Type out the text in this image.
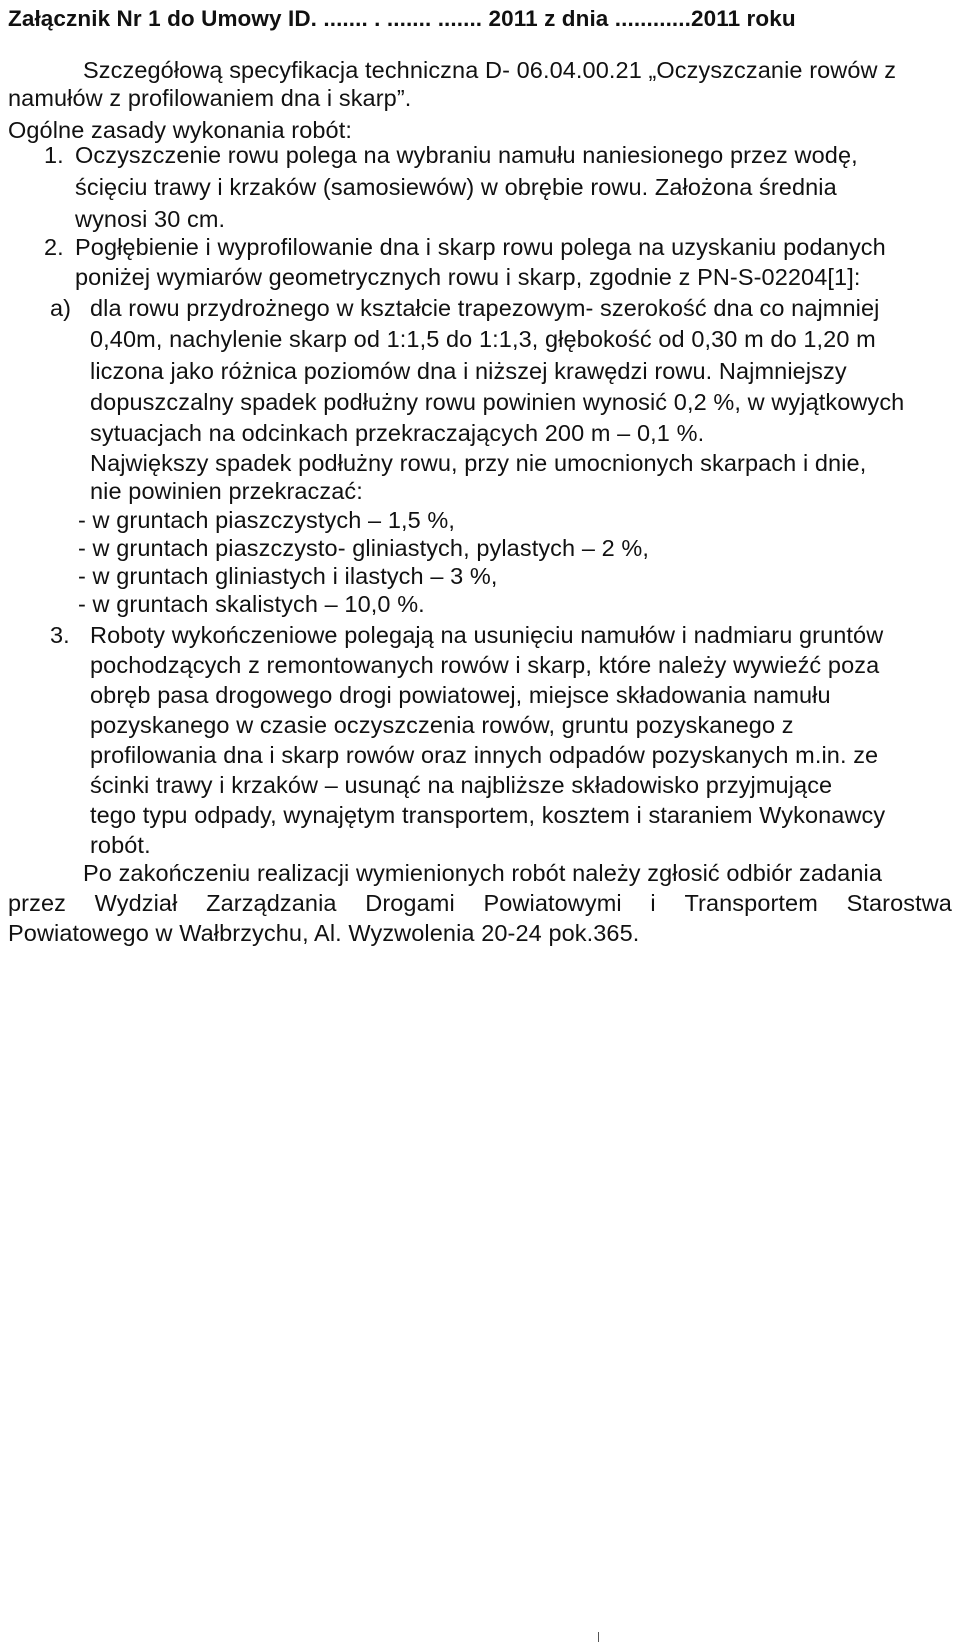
Załącznik Nr 1 do Umowy ID. ....... . ....... ....... 2011 z dnia ............2011 roku
Szczegółową specyfikacja techniczna D- 06.04.00.21 „Oczyszczanie rowów z
namułów z profilowaniem dna i skarp”.
Ogólne zasady wykonania robót:
1. Oczyszczenie rowu polega na wybraniu namułu naniesionego przez wodę,
ścięciu trawy i krzaków (samosiewów) w obrębie rowu. Założona średnia
wynosi 30 cm.
2. Pogłębienie i wyprofilowanie dna i skarp rowu polega na uzyskaniu podanych
poniżej wymiarów geometrycznych rowu i skarp, zgodnie z PN-S-02204[1]:
a) dla rowu przydrożnego w kształcie trapezowym- szerokość dna co najmniej
0,40m, nachylenie skarp od 1:1,5 do 1:1,3, głębokość od 0,30 m do 1,20 m
liczona jako różnica poziomów dna i niższej krawędzi rowu. Najmniejszy
dopuszczalny spadek podłużny rowu powinien wynosić 0,2 %, w wyjątkowych
sytuacjach na odcinkach przekraczających 200 m – 0,1 %.
Największy spadek podłużny rowu, przy nie umocnionych skarpach i dnie,
nie powinien przekraczać:
- w gruntach piaszczystych – 1,5 %,
- w gruntach piaszczysto- gliniastych, pylastych – 2 %,
- w gruntach gliniastych i ilastych – 3 %,
- w gruntach skalistych – 10,0 %.
3. Roboty wykończeniowe polegają na usunięciu namułów i nadmiaru gruntów
pochodzących z remontowanych rowów i skarp, które należy wywieźć poza
obręb pasa drogowego drogi powiatowej, miejsce składowania namułu
pozyskanego w czasie oczyszczenia rowów, gruntu pozyskanego z
profilowania dna i skarp rowów oraz innych odpadów pozyskanych m.in. ze
ścinki trawy i krzaków – usunąć na najbliższe składowisko przyjmujące
tego typu odpady, wynajętym transportem, kosztem i staraniem Wykonawcy
robót.
Po zakończeniu realizacji wymienionych robót należy zgłosić odbiór zadania
przez Wydział Zarządzania Drogami Powiatowymi i Transportem Starostwa
Powiatowego w Wałbrzychu, Al. Wyzwolenia 20-24 pok.365.
